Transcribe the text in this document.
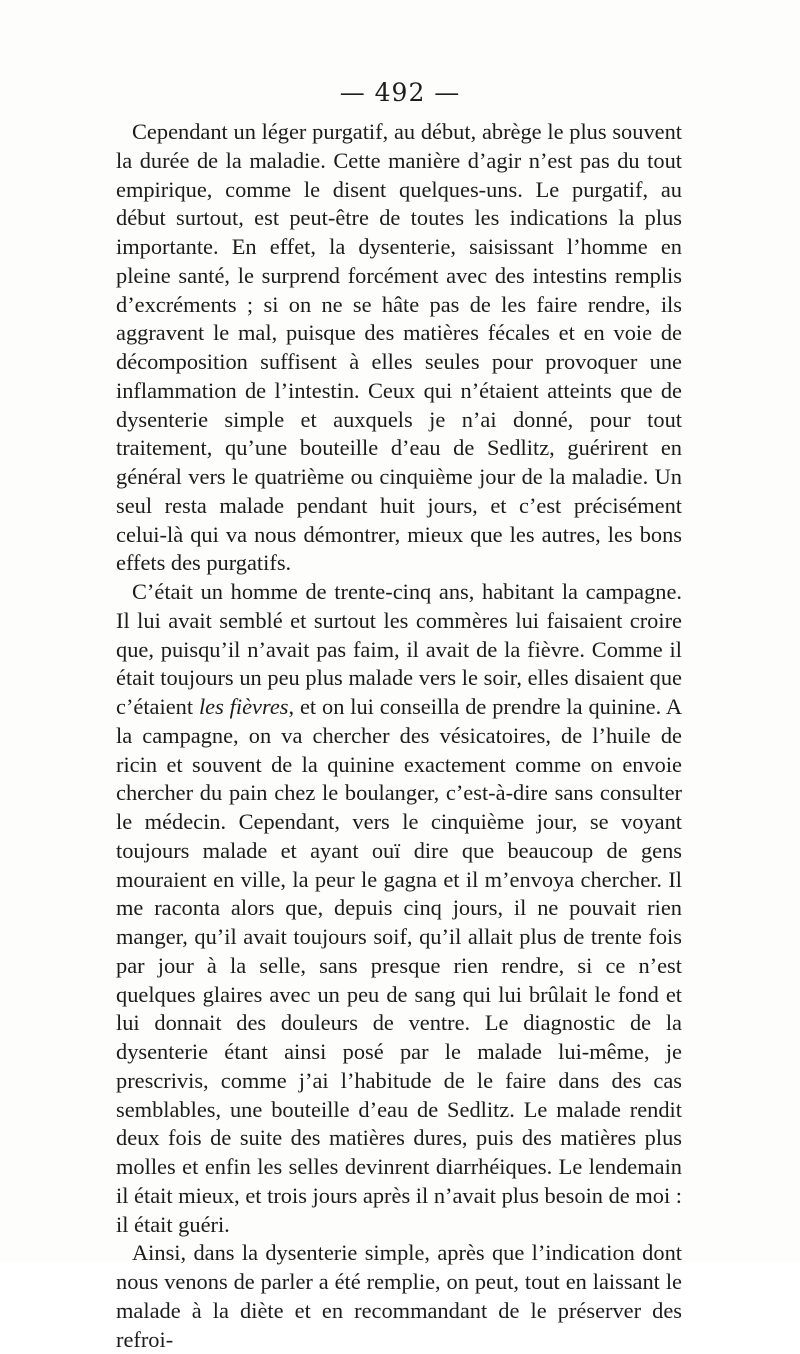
— 492 —

Cependant un léger purgatif, au début, abrège le plus souvent la durée de la maladie. Cette manière d’agir n’est pas du tout empirique, comme le disent quelques-uns. Le purgatif, au début surtout, est peut-être de toutes les indications la plus importante. En effet, la dysenterie, saisissant l’homme en pleine santé, le surprend forcément avec des intestins remplis d’excréments ; si on ne se hâte pas de les faire rendre, ils aggravent le mal, puisque des matières fécales et en voie de décomposition suffisent à elles seules pour provoquer une inflammation de l’intestin. Ceux qui n’étaient atteints que de dysenterie simple et auxquels je n’ai donné, pour tout traitement, qu’une bouteille d’eau de Sedlitz, guérirent en général vers le quatrième ou cinquième jour de la maladie. Un seul resta malade pendant huit jours, et c’est précisément celui-là qui va nous démontrer, mieux que les autres, les bons effets des purgatifs.

C’était un homme de trente-cinq ans, habitant la campagne. Il lui avait semblé et surtout les commères lui faisaient croire que, puisqu’il n’avait pas faim, il avait de la fièvre. Comme il était toujours un peu plus malade vers le soir, elles disaient que c’étaient les fièvres, et on lui conseilla de prendre la quinine. A la campagne, on va chercher des vésicatoires, de l’huile de ricin et souvent de la quinine exactement comme on envoie chercher du pain chez le boulanger, c’est-à-dire sans consulter le médecin. Cependant, vers le cinquième jour, se voyant toujours malade et ayant ouï dire que beaucoup de gens mouraient en ville, la peur le gagna et il m’envoya chercher. Il me raconta alors que, depuis cinq jours, il ne pouvait rien manger, qu’il avait toujours soif, qu’il allait plus de trente fois par jour à la selle, sans presque rien rendre, si ce n’est quelques glaires avec un peu de sang qui lui brûlait le fond et lui donnait des douleurs de ventre. Le diagnostic de la dysenterie étant ainsi posé par le malade lui-même, je prescrivis, comme j’ai l’habitude de le faire dans des cas semblables, une bouteille d’eau de Sedlitz. Le malade rendit deux fois de suite des matières dures, puis des matières plus molles et enfin les selles devinrent diarrhéiques. Le lendemain il était mieux, et trois jours après il n’avait plus besoin de moi : il était guéri.

Ainsi, dans la dysenterie simple, après que l’indication dont nous venons de parler a été remplie, on peut, tout en laissant le malade à la diète et en recommandant de le préserver des refroi-
